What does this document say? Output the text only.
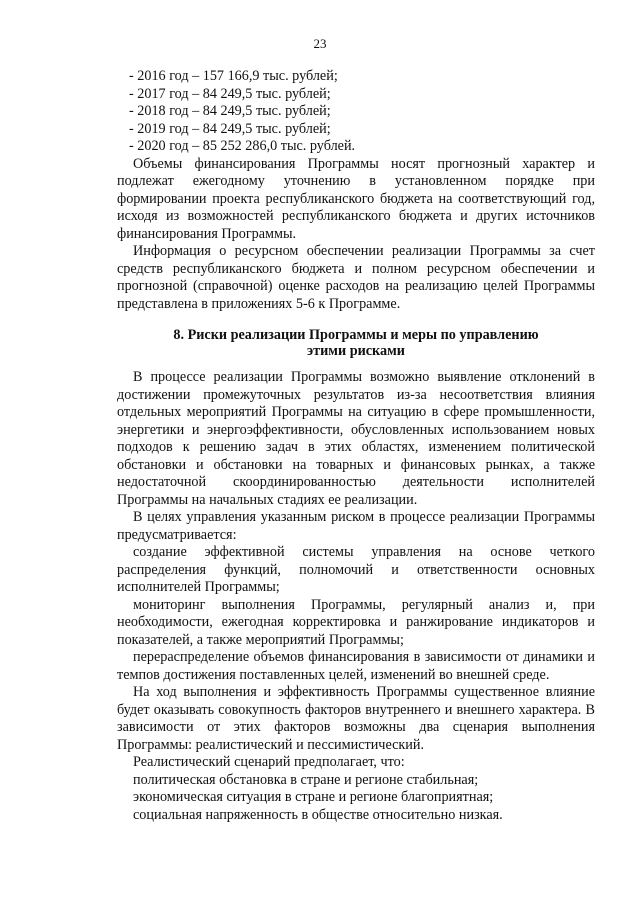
23

- 2016 год – 157 166,9 тыс. рублей;

- 2017 год – 84 249,5 тыс. рублей;

- 2018 год – 84 249,5 тыс. рублей;

- 2019 год – 84 249,5 тыс. рублей;

- 2020 год – 85 252 286,0 тыс. рублей.

Объемы финансирования Программы носят прогнозный характер и подлежат ежегодному уточнению в установленном порядке при формировании проекта республиканского бюджета на соответствующий год, исходя из возможностей республиканского бюджета и других источников финансирования Программы.

Информация о ресурсном обеспечении реализации Программы за счет средств республиканского бюджета и полном ресурсном обеспечении и прогнозной (справочной) оценке расходов на реализацию целей Программы представлена в приложениях 5-6 к Программе.

8. Риски реализации Программы и меры по управлению
этими рисками

В процессе реализации Программы возможно выявление отклонений в достижении промежуточных результатов из-за несоответствия влияния отдельных мероприятий Программы на ситуацию в сфере промышленности, энергетики и энергоэффективности, обусловленных использованием новых подходов к решению задач в этих областях, изменением политической обстановки и обстановки на товарных и финансовых рынках, а также недостаточной скоординированностью деятельности исполнителей Программы на начальных стадиях ее реализации.

В целях управления указанным риском в процессе реализации Программы предусматривается:

создание эффективной системы управления на основе четкого распределения функций, полномочий и ответственности основных исполнителей Программы;

мониторинг выполнения Программы, регулярный анализ и, при необходимости, ежегодная корректировка и ранжирование индикаторов и показателей, а также мероприятий Программы;

перераспределение объемов финансирования в зависимости от динамики и темпов достижения поставленных целей, изменений во внешней среде.

На ход выполнения и эффективность Программы существенное влияние будет оказывать совокупность факторов внутреннего и внешнего характера. В зависимости от этих факторов возможны два сценария выполнения Программы: реалистический и пессимистический.

Реалистический сценарий предполагает, что:

политическая обстановка в стране и регионе стабильная;

экономическая ситуация в стране и регионе благоприятная;

социальная напряженность в обществе относительно низкая.
